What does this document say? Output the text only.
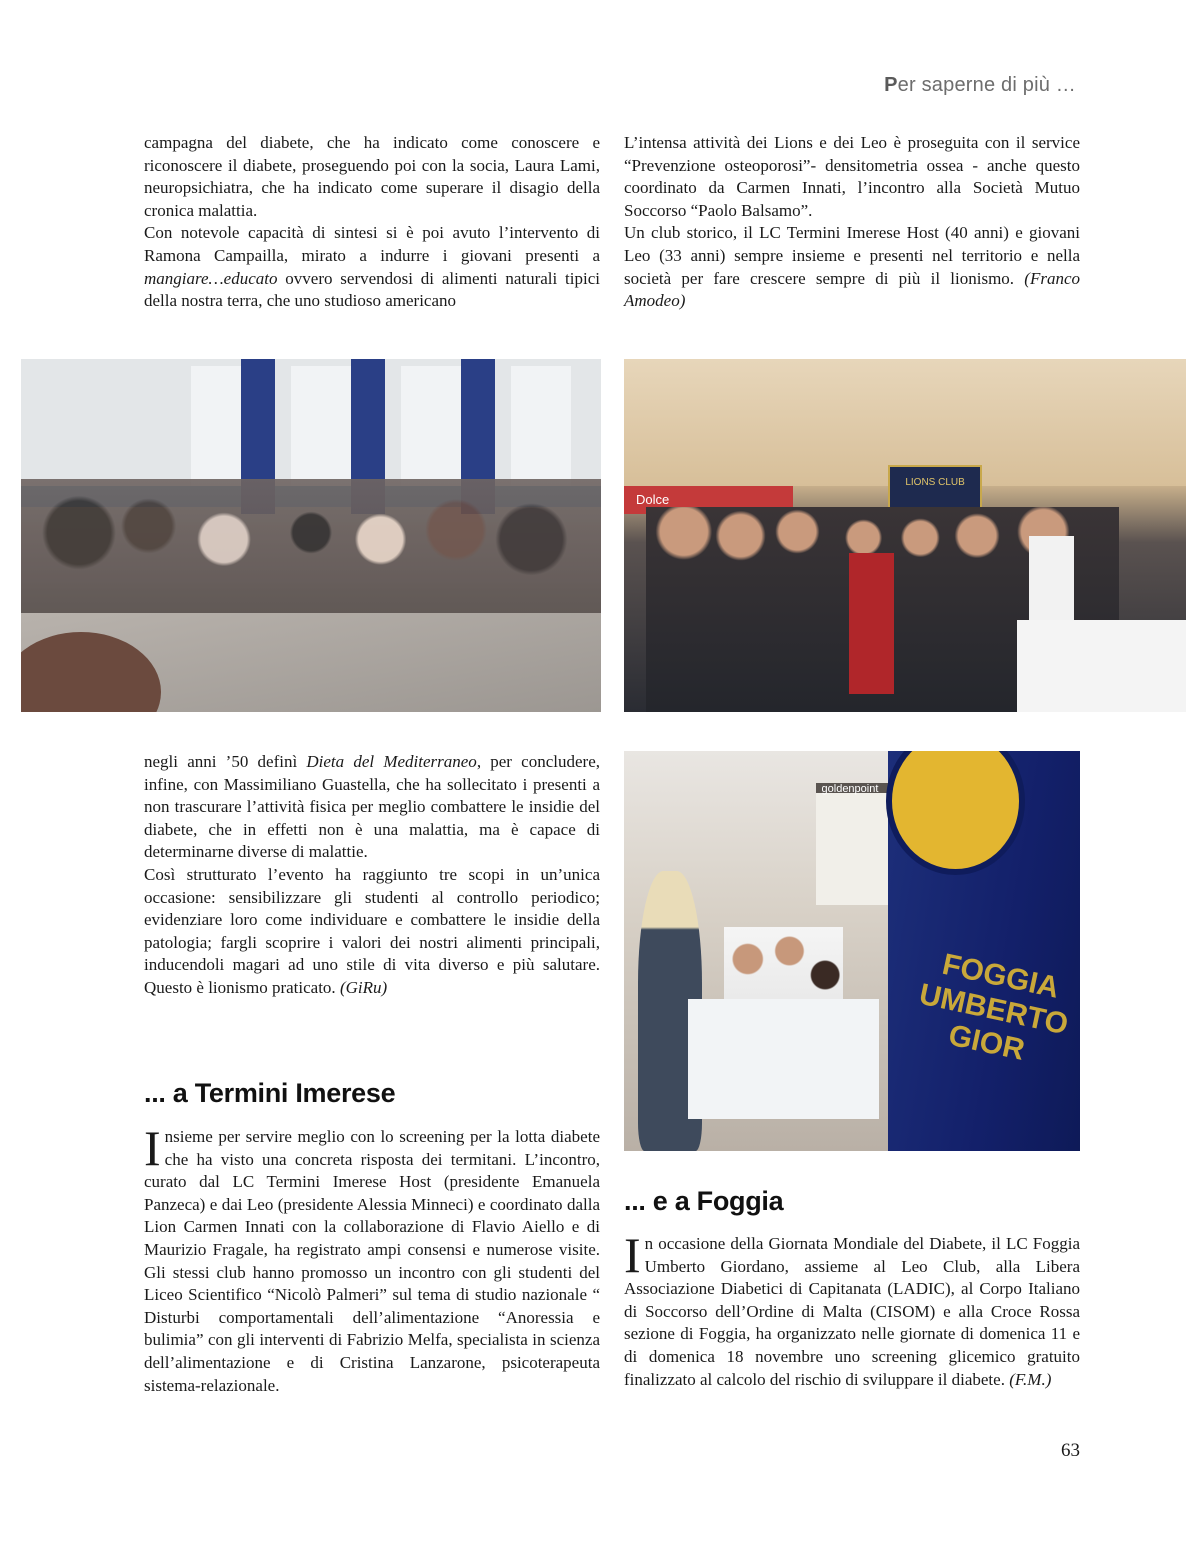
Per saperne di più …

campagna del diabete, che ha indicato come conoscere e riconoscere il diabete, proseguendo poi con la socia, Laura Lami, neuropsichiatra, che ha indicato come superare il disagio della cronica malattia.

Con notevole capacità di sintesi si è poi avuto l’intervento di Ramona Campailla, mirato a indurre i giovani presenti a mangiare…educato ovvero servendosi di alimenti naturali tipici della nostra terra, che uno studioso americano

L’intensa attività dei Lions e dei Leo è proseguita con il service “Prevenzione osteoporosi”- densitometria ossea - anche questo coordinato da Carmen Innati, l’incontro alla Società Mutuo Soccorso “Paolo Balsamo”.

Un club storico, il LC Termini Imerese Host (40 anni) e giovani Leo (33 anni) sempre insieme e presenti nel territorio e nella società per fare crescere sempre di più il lionismo. (Franco Amodeo)

Dolce
LIONS CLUB

negli anni ’50 definì Dieta del Mediterraneo, per concludere, infine, con Massimiliano Guastella, che ha sollecitato i presenti a non trascurare l’attività fisica per meglio combattere le insidie del diabete, che in effetti non è una malattia, ma è capace di determinarne diverse di malattie.

Così strutturato l’evento ha raggiunto tre scopi in un’unica occasione: sensibilizzare gli studenti al controllo periodico; evidenziare loro come individuare e combattere le insidie della patologia; fargli scoprire i valori dei nostri alimenti principali, inducendoli magari ad uno stile di vita diverso e più salutare. Questo è lionismo praticato. (GiRu)

goldenpoint
FOGGIA UMBERTO GIOR
... a Termini Imerese

Insieme per servire meglio con lo screening per la lotta diabete che ha visto una concreta risposta dei termitani. L’incontro, curato dal LC Termini Imerese Host (presidente Emanuela Panzeca) e dai Leo (presidente Alessia Minneci) e coordinato dalla Lion Carmen Innati con la collaborazione di Flavio Aiello e di Maurizio Fragale, ha registrato ampi consensi e numerose visite. Gli stessi club hanno promosso un incontro con gli studenti del Liceo Scientifico “Nicolò Palmeri” sul tema di studio nazionale “ Disturbi comportamentali dell’alimentazione “Anoressia e bulimia” con gli interventi di Fabrizio Melfa, specialista in scienza dell’alimentazione e di Cristina Lanzarone, psicoterapeuta sistema-relazionale.

... e a Foggia

In occasione della Giornata Mondiale del Diabete, il LC Foggia Umberto Giordano, assieme al Leo Club, alla Libera Associazione Diabetici di Capitanata (LADIC), al Corpo Italiano di Soccorso dell’Ordine di Malta (CISOM) e alla Croce Rossa sezione di Foggia, ha organizzato nelle giornate di domenica 11 e di domenica 18 novembre uno screening glicemico gratuito finalizzato al calcolo del rischio di sviluppare il diabete. (F.M.)

63
